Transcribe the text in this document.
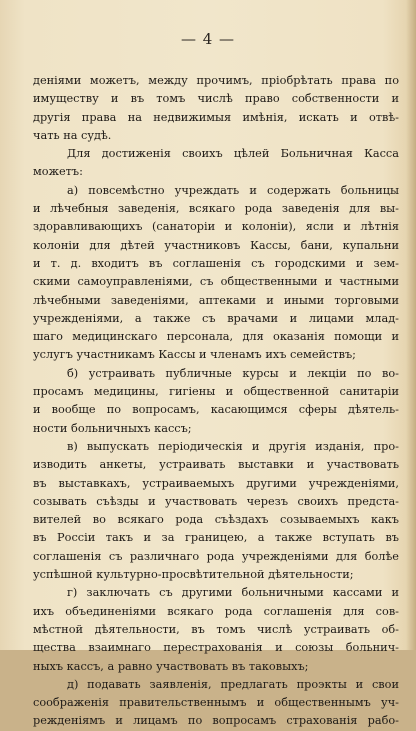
— 4 —
деніями можетъ, между прочимъ, пріобрѣтать права по
имуществу и въ томъ числѣ право собственности и
другія права на недвижимыя имѣнія, искать и отвѣ-
чать на судѣ.
Для достиженія своихъ цѣлей Больничная Касса
можетъ:
а) повсемѣстно учреждать и содержать больницы
и лѣчебныя заведенія, всякаго рода заведенія для вы-
здоравливающихъ (санаторіи и колоніи), ясли и лѣтнія
колоніи для дѣтей участниковъ Кассы, бани, купальни
и т. д. входитъ въ соглашенія съ городскими и зем-
скими самоуправленіями, съ общественными и частными
лѣчебными заведеніями, аптеками и иными торговыми
учрежденіями, а также съ врачами и лицами млад-
шаго медицинскаго персонала, для оказанія помощи и
услугъ участникамъ Кассы и членамъ ихъ семействъ;
б) устраивать публичные курсы и лекціи по во-
просамъ медицины, гигіены и общественной санитаріи
и вообще по вопросамъ, касающимся сферы дѣятель-
ности больничныхъ кассъ;
в) выпускать періодическія и другія изданія, про-
изводить анкеты, устраивать выставки и участвовать
въ выставкахъ, устраиваемыхъ другими учрежденіями,
созывать съѣзды и участвовать черезъ своихъ предста-
вителей во всякаго рода съѣздахъ созываемыхъ какъ
въ Россіи такъ и за границею, а также вступать въ
соглашенія съ различнаго рода учрежденіями для болѣе
успѣшной культурно-просвѣтительной дѣятельности;
г) заключать съ другими больничными кассами и
ихъ объединеніями всякаго рода соглашенія для сов-
мѣстной дѣятельности, въ томъ числѣ устраивать об-
щества взаимнаго перестрахованія и союзы больнич-
ныхъ кассъ, а равно участвовать въ таковыхъ;
д) подавать заявленія, предлагать проэкты и свои
соображенія правительственнымъ и общественнымъ уч-
режденіямъ и лицамъ по вопросамъ страхованія рабо-
